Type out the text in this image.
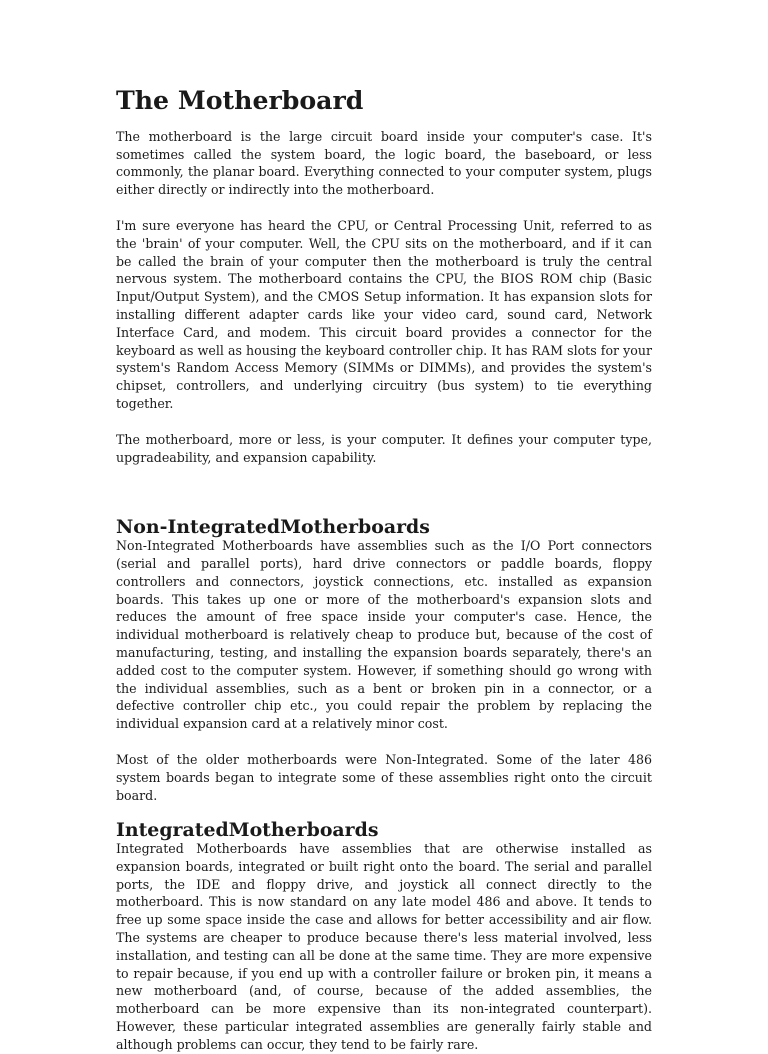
The Motherboard

The motherboard is the large circuit board inside your computer's case. It's sometimes called the system board, the logic board, the baseboard, or less commonly, the planar board. Everything connected to your computer system, plugs either directly or indirectly into the motherboard.

I'm sure everyone has heard the CPU, or Central Processing Unit, referred to as the 'brain' of your computer. Well, the CPU sits on the motherboard, and if it can be called the brain of your computer then the motherboard is truly the central nervous system. The motherboard contains the CPU, the BIOS ROM chip (Basic Input/Output System), and the CMOS Setup information. It has expansion slots for installing different adapter cards like your video card, sound card, Network Interface Card, and modem. This circuit board provides a connector for the keyboard as well as housing the keyboard controller chip. It has RAM slots for your system's Random Access Memory (SIMMs or DIMMs), and provides the system's chipset, controllers, and underlying circuitry (bus system) to tie everything together.

The motherboard, more or less, is your computer. It defines your computer type, upgradeability, and expansion capability.

Non-IntegratedMotherboards

Non-Integrated Motherboards have assemblies such as the I/O Port connectors (serial and parallel ports), hard drive connectors or paddle boards, floppy controllers and connectors, joystick connections, etc. installed as expansion boards. This takes up one or more of the motherboard's expansion slots and reduces the amount of free space inside your computer's case. Hence, the individual motherboard is relatively cheap to produce but, because of the cost of manufacturing, testing, and installing the expansion boards separately, there's an added cost to the computer system. However, if something should go wrong with the individual assemblies, such as a bent or broken pin in a connector, or a defective controller chip etc., you could repair the problem by replacing the individual expansion card at a relatively minor cost.

Most of the older motherboards were Non-Integrated. Some of the later 486 system boards began to integrate some of these assemblies right onto the circuit board.

IntegratedMotherboards

Integrated Motherboards have assemblies that are otherwise installed as expansion boards, integrated or built right onto the board. The serial and parallel ports, the IDE and floppy drive, and joystick all connect directly to the motherboard. This is now standard on any late model 486 and above. It tends to free up some space inside the case and allows for better accessibility and air flow. The systems are cheaper to produce because there's less material involved, less installation, and testing can all be done at the same time. They are more expensive to repair because, if you end up with a controller failure or broken pin, it means a new motherboard (and, of course, because of the added assemblies, the motherboard can be more expensive than its non-integrated counterpart). However, these particular integrated assemblies are generally fairly stable and although problems can occur, they tend to be fairly rare.
